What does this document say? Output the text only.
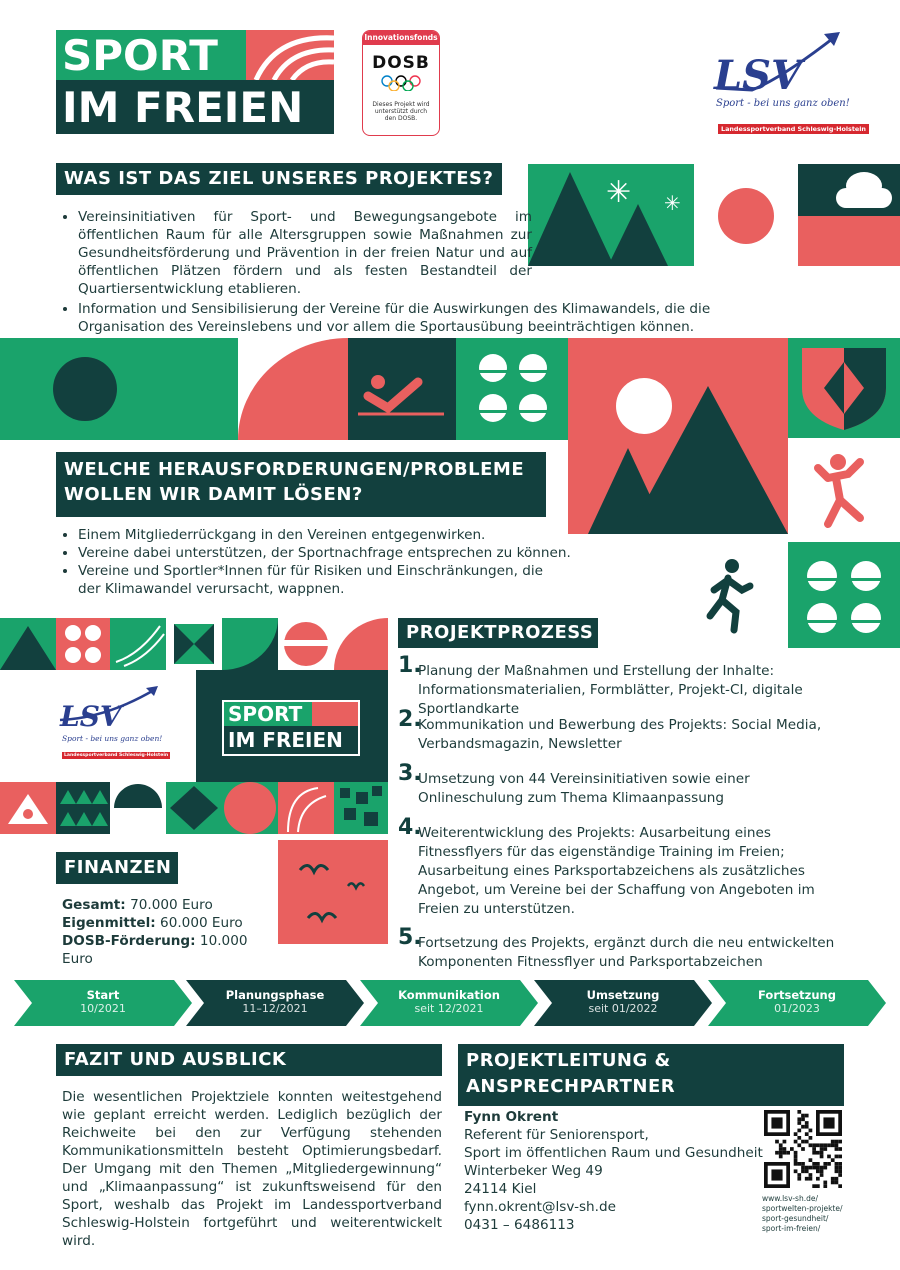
SPORT
IM FREIEN
Innovationsfonds
DOSB
Dieses Projekt wird unterstützt durch den DOSB.
LSV
Sport - bei uns ganz oben!
Landessportverband Schleswig-Holstein
WAS IST DAS ZIEL UNSERES PROJEKTES?	✳ ✳
• Vereinsinitiativen für Sport- und Bewegungsangebote im öffentlichen Raum für alle Altersgruppen sowie Maßnahmen zur Gesundheitsförderung und Prävention in der freien Natur und auf öffentlichen Plätzen fördern und als festen Bestandteil der Quartiersentwicklung etablieren.
• Information und Sensibilisierung der Vereine für die Auswirkungen des Klimawandels, die die Organisation des Vereinslebens und vor allem die Sportausübung beeinträchtigen können.
WELCHE HERAUSFORDERUNGEN/PROBLEME
WOLLEN WIR DAMIT LÖSEN?
• Einem Mitgliederrückgang in den Vereinen entgegenwirken.
• Vereine dabei unterstützen, der Sportnachfrage entsprechen zu können.
• Vereine und Sportler*Innen für für Risiken und Einschränkungen, die der Klimawandel verursacht, wappnen.
LSV
Sport - bei uns ganz oben!
Landessportverband Schleswig-Holstein
SPORT
IM FREIEN
FINANZEN
Gesamt: 70.000 Euro
Eigenmittel: 60.000 Euro
DOSB-Förderung: 10.000 Euro
PROJEKTPROZESS
1.
Planung der Maßnahmen und Erstellung der Inhalte: Informationsmaterialien, Formblätter, Projekt-CI, digitale Sportlandkarte
2.
Kommunikation und Bewerbung des Projekts: Social Media, Verbandsmagazin, Newsletter
3.
Umsetzung von 44 Vereinsinitiativen sowie einer Onlineschulung zum Thema Klimaanpassung
4.
Weiterentwicklung des Projekts: Ausarbeitung eines Fitnessflyers für das eigenständige Training im Freien; Ausarbeitung eines Parksportabzeichens als zusätzliches Angebot, um Vereine bei der Schaffung von Angeboten im Freien zu unterstützen.
5.
Fortsetzung des Projekts, ergänzt durch die neu entwickelten Komponenten Fitnessflyer und Parksportabzeichen
Start
10/2021
Planungsphase
11–12/2021
Kommunikation
seit 12/2021
Umsetzung
seit 01/2022
Fortsetzung
01/2023
FAZIT UND AUSBLICK
Die wesentlichen Projektziele konnten weitestgehend wie geplant erreicht werden. Lediglich bezüglich der Reichweite bei den zur Verfügung stehenden Kommunikationsmitteln besteht Optimierungsbedarf. Der Umgang mit den Themen „Mitgliedergewinnung“ und „Klimaanpassung“ ist zukunftsweisend für den Sport, weshalb das Projekt im Landessportverband Schleswig-Holstein fortgeführt und weiterentwickelt wird.
PROJEKTLEITUNG &
ANSPRECHPARTNER
Fynn Okrent
Referent für Seniorensport,
Sport im öffentlichen Raum und Gesundheit
Winterbeker Weg 49
24114 Kiel
fynn.okrent@lsv-sh.de
0431 – 6486113
www.lsv-sh.de/ sportwelten-projekte/ sport-gesundheit/ sport-im-freien/
